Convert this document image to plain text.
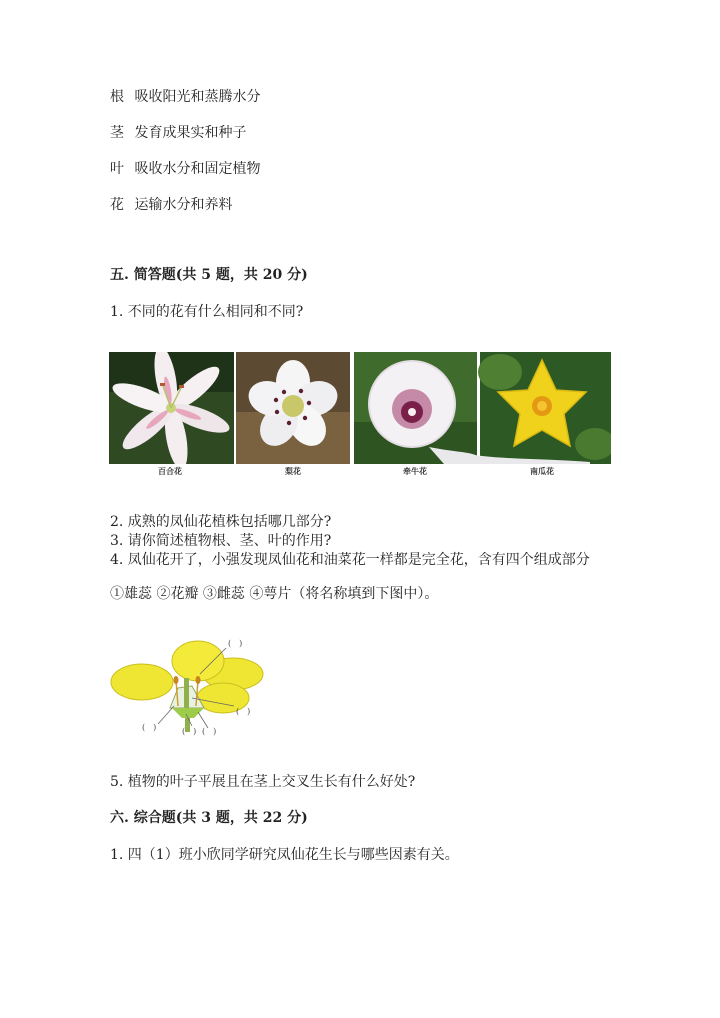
根 吸收阳光和蒸腾水分
茎 发育成果实和种子
叶 吸收水分和固定植物
花 运输水分和养料
五. 简答题(共 5 题，共 20 分)
1. 不同的花有什么相同和不同?
百合花	梨花	牵牛花	南瓜花
2. 成熟的凤仙花植株包括哪几部分?
3. 请你简述植物根、茎、叶的作用?
4. 凤仙花开了，小强发现凤仙花和油菜花一样都是完全花，含有四个组成部分
①雄蕊 ②花瓣 ③雌蕊 ④萼片（将名称填到下图中）。
(　)
(　)
(　)	(　) (　)
5. 植物的叶子平展且在茎上交叉生长有什么好处?
六. 综合题(共 3 题，共 22 分)
1. 四（1）班小欣同学研究凤仙花生长与哪些因素有关。
